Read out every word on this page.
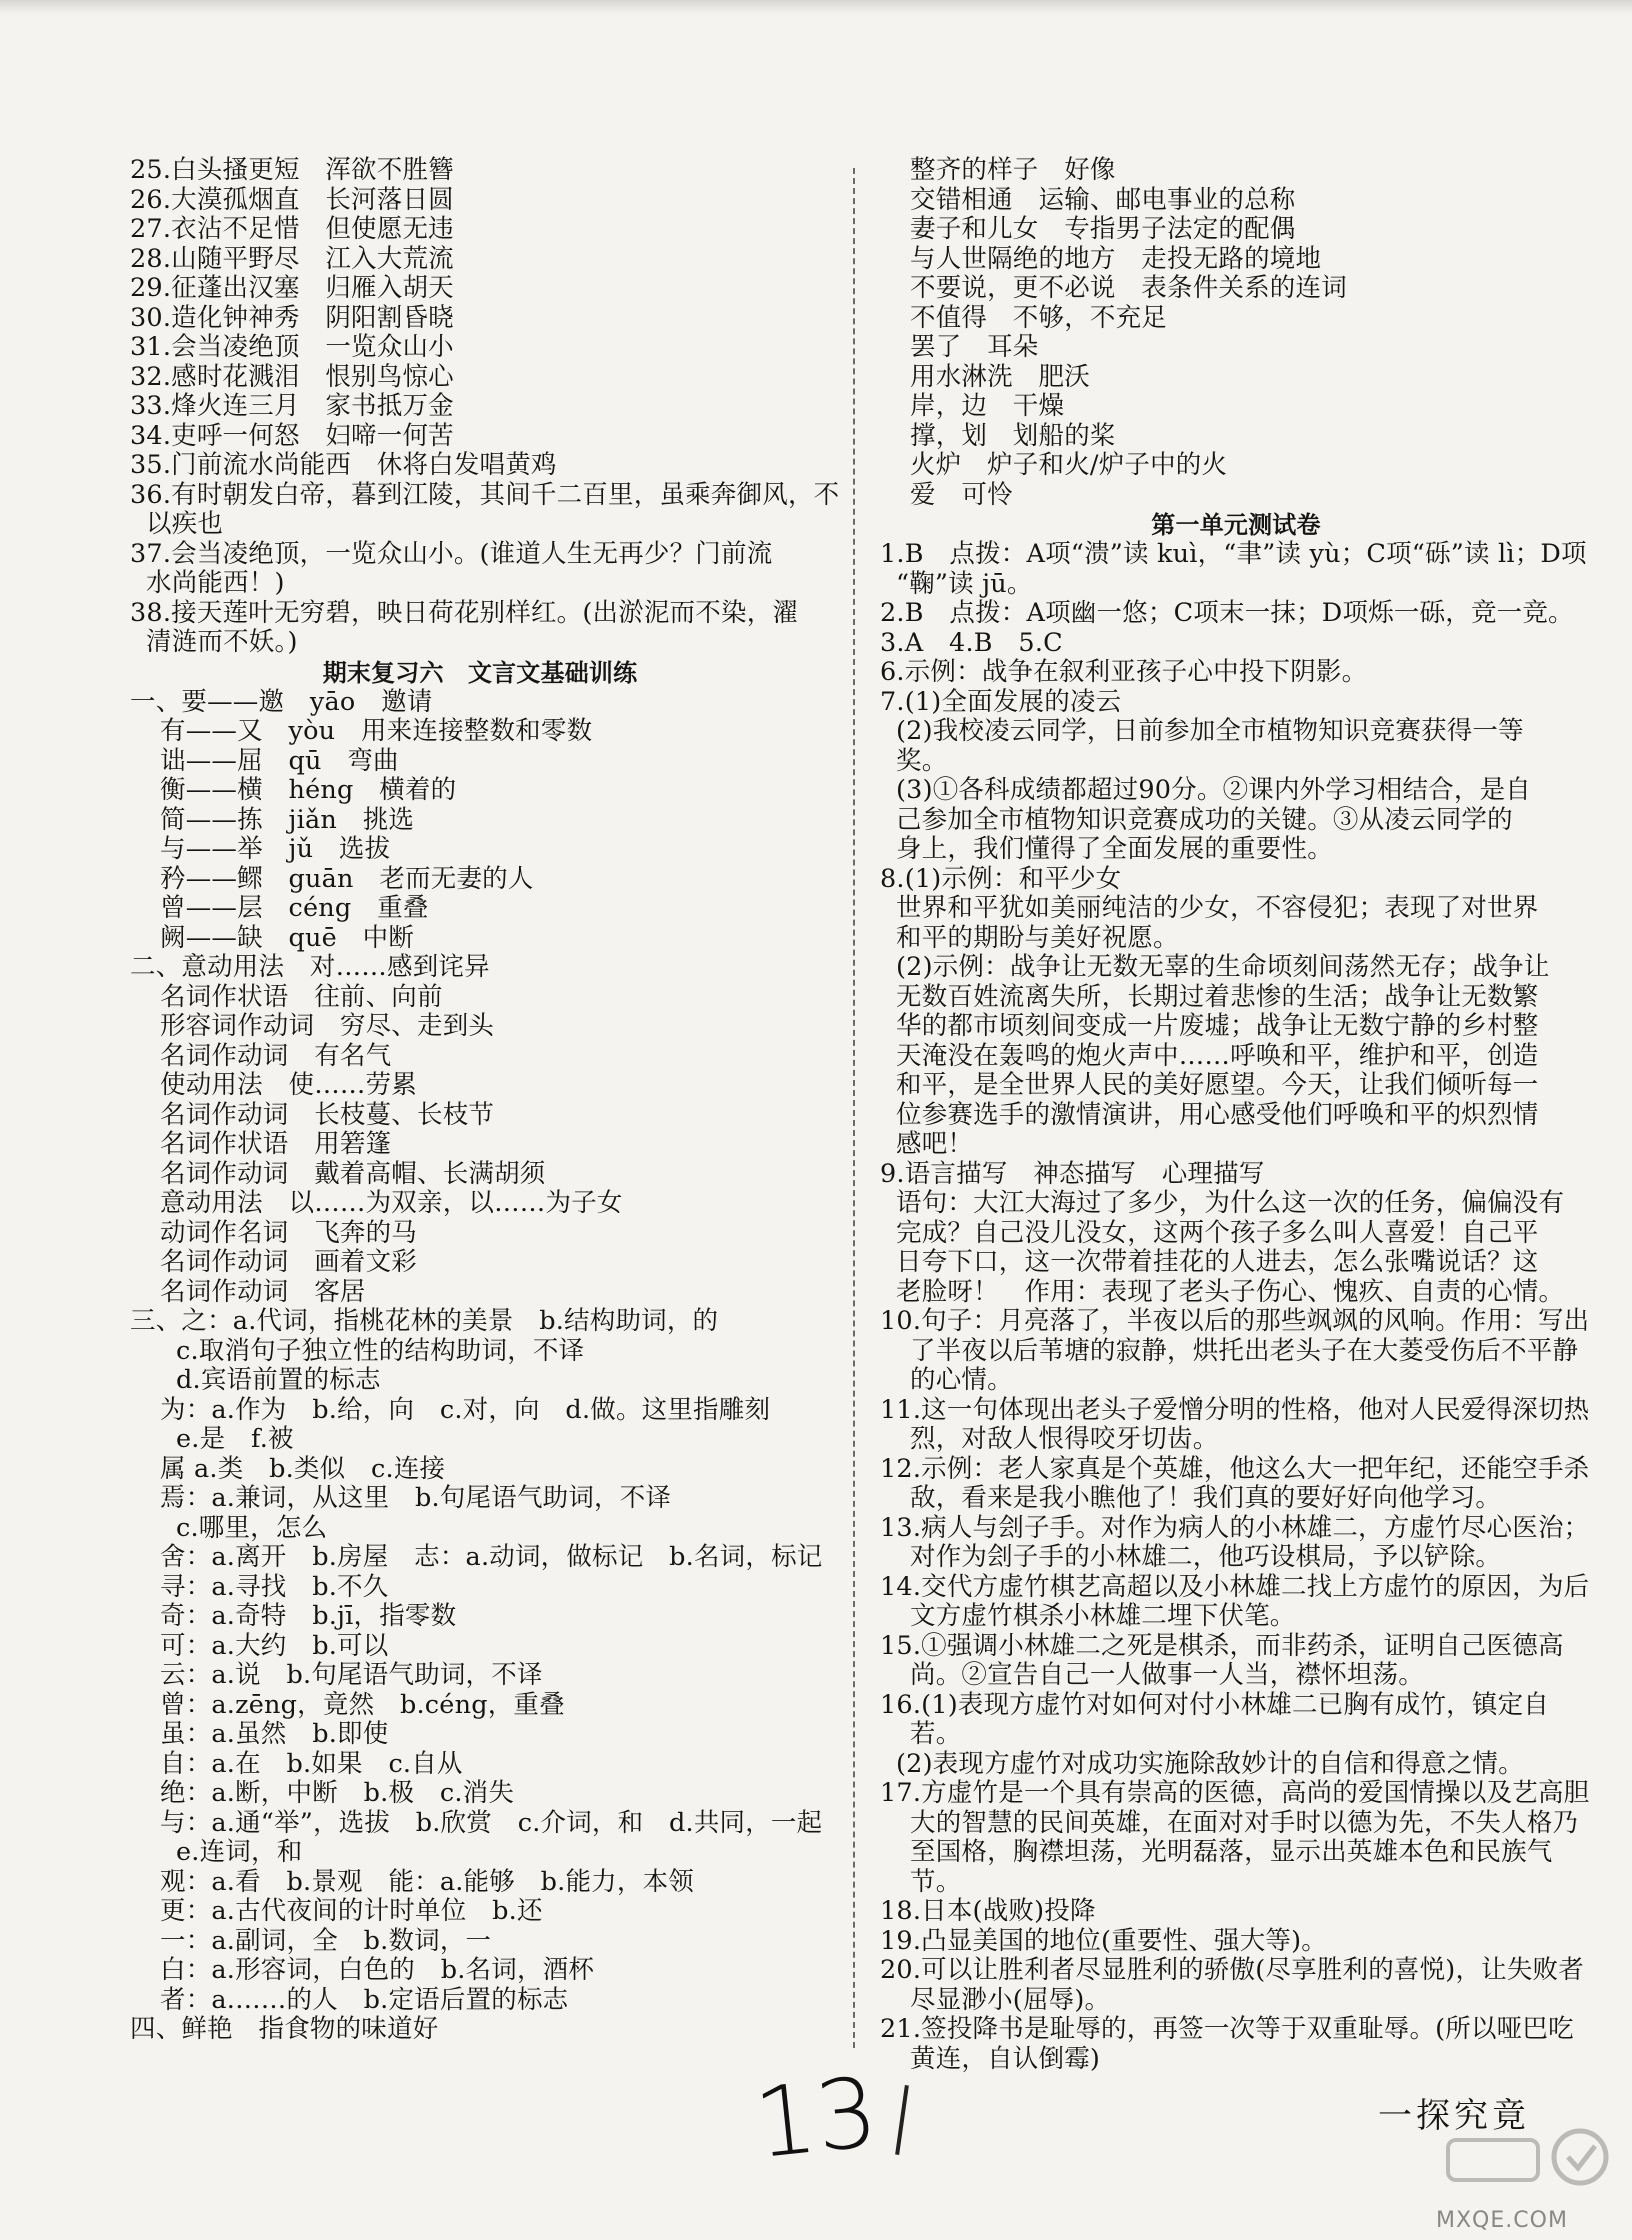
25.白头搔更短　浑欲不胜簪
26.大漠孤烟直　长河落日圆
27.衣沾不足惜　但使愿无违
28.山随平野尽　江入大荒流
29.征蓬出汉塞　归雁入胡天
30.造化钟神秀　阴阳割昏晓
31.会当凌绝顶　一览众山小
32.感时花溅泪　恨别鸟惊心
33.烽火连三月　家书抵万金
34.吏呼一何怒　妇啼一何苦
35.门前流水尚能西　休将白发唱黄鸡
36.有时朝发白帝，暮到江陵，其间千二百里，虽乘奔御风，不
以疾也
37.会当凌绝顶，一览众山小。(谁道人生无再少？门前流
水尚能西！)
38.接天莲叶无穷碧，映日荷花别样红。(出淤泥而不染，濯
清涟而不妖。)
期末复习六　文言文基础训练
一、要——邀　yāo　邀请
有——又　yòu　用来连接整数和零数
诎——屈　qū　弯曲
衡——横　héng　横着的
简——拣　jiǎn　挑选
与——举　jǔ　选拔
矜——鳏　guān　老而无妻的人
曾——层　céng　重叠
阙——缺　quē　中断
二、意动用法　对……感到诧异
名词作状语　往前、向前
形容词作动词　穷尽、走到头
名词作动词　有名气
使动用法　使……劳累
名词作动词　长枝蔓、长枝节
名词作状语　用箬篷
名词作动词　戴着高帽、长满胡须
意动用法　以……为双亲，以……为子女
动词作名词　飞奔的马
名词作动词　画着文彩
名词作动词　客居
三、之：a.代词，指桃花林的美景　b.结构助词，的
c.取消句子独立性的结构助词，不译
d.宾语前置的标志
为：a.作为　b.给，向　c.对，向　d.做。这里指雕刻
e.是　f.被
属 a.类　b.类似　c.连接
焉：a.兼词，从这里　b.句尾语气助词，不译
c.哪里，怎么
舍：a.离开　b.房屋　志：a.动词，做标记　b.名词，标记
寻：a.寻找　b.不久
奇：a.奇特　b.jī，指零数
可：a.大约　b.可以
云：a.说　b.句尾语气助词，不译
曾：a.zēng，竟然　b.céng，重叠
虽：a.虽然　b.即使
自：a.在　b.如果　c.自从
绝：a.断，中断　b.极　c.消失
与：a.通“举”，选拔　b.欣赏　c.介词，和　d.共同，一起
e.连词，和
观：a.看　b.景观　能：a.能够　b.能力，本领
更：a.古代夜间的计时单位　b.还
一：a.副词，全　b.数词，一
白：a.形容词，白色的　b.名词，酒杯
者：a.……的人　b.定语后置的标志
四、鲜艳　指食物的味道好
整齐的样子　好像
交错相通　运输、邮电事业的总称
妻子和儿女　专指男子法定的配偶
与人世隔绝的地方　走投无路的境地
不要说，更不必说　表条件关系的连词
不值得　不够，不充足
罢了　耳朵
用水淋洗　肥沃
岸，边　干燥
撑，划　划船的桨
火炉　炉子和火/炉子中的火
爱　可怜
第一单元测试卷
1.B　点拨：A项“溃”读 kuì，“聿”读 yù；C项“砾”读 lì；D项
“鞠”读 jū。
2.B　点拨：A项幽一悠；C项末一抹；D项烁一砾，竞一竞。
3.A　4.B　5.C
6.示例：战争在叙利亚孩子心中投下阴影。
7.(1)全面发展的凌云
(2)我校凌云同学，日前参加全市植物知识竞赛获得一等
奖。
(3)①各科成绩都超过90分。②课内外学习相结合，是自
己参加全市植物知识竞赛成功的关键。③从凌云同学的
身上，我们懂得了全面发展的重要性。
8.(1)示例：和平少女
世界和平犹如美丽纯洁的少女，不容侵犯；表现了对世界
和平的期盼与美好祝愿。
(2)示例：战争让无数无辜的生命顷刻间荡然无存；战争让
无数百姓流离失所，长期过着悲惨的生活；战争让无数繁
华的都市顷刻间变成一片废墟；战争让无数宁静的乡村整
天淹没在轰鸣的炮火声中……呼唤和平，维护和平，创造
和平，是全世界人民的美好愿望。今天，让我们倾听每一
位参赛选手的激情演讲，用心感受他们呼唤和平的炽烈情
感吧！
9.语言描写　神态描写　心理描写
语句：大江大海过了多少，为什么这一次的任务，偏偏没有
完成？自己没儿没女，这两个孩子多么叫人喜爱！自己平
日夸下口，这一次带着挂花的人进去，怎么张嘴说话？这
老脸呀！　作用：表现了老头子伤心、愧疚、自责的心情。
10.句子：月亮落了，半夜以后的那些飒飒的风响。作用：写出了半夜以后苇塘的寂静，烘托出老头子在大菱受伤后不平静的心情。
11.这一句体现出老头子爱憎分明的性格，他对人民爱得深切热烈，对敌人恨得咬牙切齿。
12.示例：老人家真是个英雄，他这么大一把年纪，还能空手杀敌，看来是我小瞧他了！我们真的要好好向他学习。
13.病人与刽子手。对作为病人的小林雄二，方虚竹尽心医治；对作为刽子手的小林雄二，他巧设棋局，予以铲除。
14.交代方虚竹棋艺高超以及小林雄二找上方虚竹的原因，为后文方虚竹棋杀小林雄二埋下伏笔。
15.①强调小林雄二之死是棋杀，而非药杀，证明自己医德高尚。②宣告自己一人做事一人当，襟怀坦荡。
16.(1)表现方虚竹对如何对付小林雄二已胸有成竹，镇定自若。
(2)表现方虚竹对成功实施除敌妙计的自信和得意之情。
17.方虚竹是一个具有崇高的医德，高尚的爱国情操以及艺高胆大的智慧的民间英雄，在面对对手时以德为先，不失人格乃至国格，胸襟坦荡，光明磊落，显示出英雄本色和民族气节。
18.日本(战败)投降
19.凸显美国的地位(重要性、强大等)。
20.可以让胜利者尽显胜利的骄傲(尽享胜利的喜悦)，让失败者尽显渺小(屈辱)。
21.签投降书是耻辱的，再签一次等于双重耻辱。(所以哑巴吃黄连，自认倒霉)
13	一探究竟
MXQE.COM
